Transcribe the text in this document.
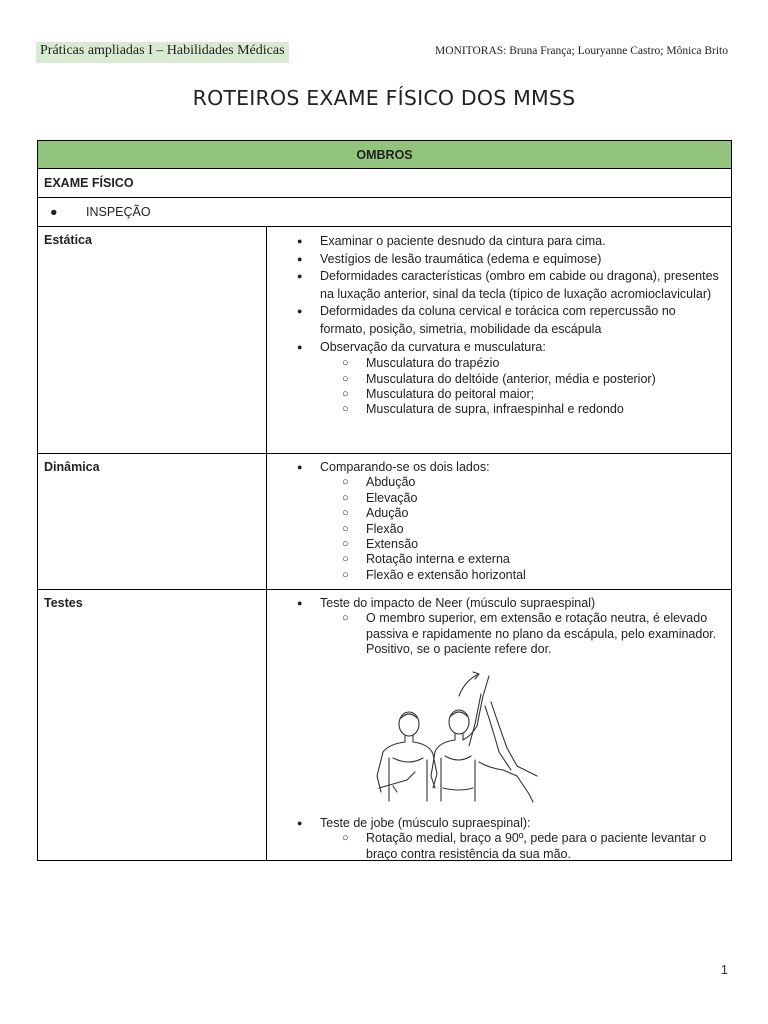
Práticas ampliadas I – Habilidades Médicas	MONITORAS: Bruna França; Louryanne Castro; Mônica Brito
ROTEIROS EXAME FÍSICO DOS MMSS
OMBROS
EXAME FÍSICO
● INSPEÇÃO
Estática	● Examinar o paciente desnudo da cintura para cima.
● Vestígios de lesão traumática (edema e equimose)
● Deformidades características (ombro em cabide ou dragona), presentes na luxação anterior, sinal da tecla (típico de luxação acromioclavicular)
● Deformidades da coluna cervical e torácica com repercussão no formato, posição, simetria, mobilidade da escápula
● Observação da curvatura e musculatura:
○ Musculatura do trapézio
○ Musculatura do deltóide (anterior, média e posterior)
○ Musculatura do peitoral maior;
○ Musculatura de supra, infraespinhal e redondo
Dinâmica	● Comparando-se os dois lados:
○ Abdução
○ Elevação
○ Adução
○ Flexão
○ Extensão
○ Rotação interna e externa
○ Flexão e extensão horizontal
Testes	● Teste do impacto de Neer (músculo supraespinal)
○ O membro superior, em extensão e rotação neutra, é elevado passiva e rapidamente no plano da escápula, pelo examinador. Positivo, se o paciente refere dor.
● Teste de jobe (músculo supraespinal):
○ Rotação medial, braço a 90º, pede para o paciente levantar o braço contra resistência da sua mão.
1
